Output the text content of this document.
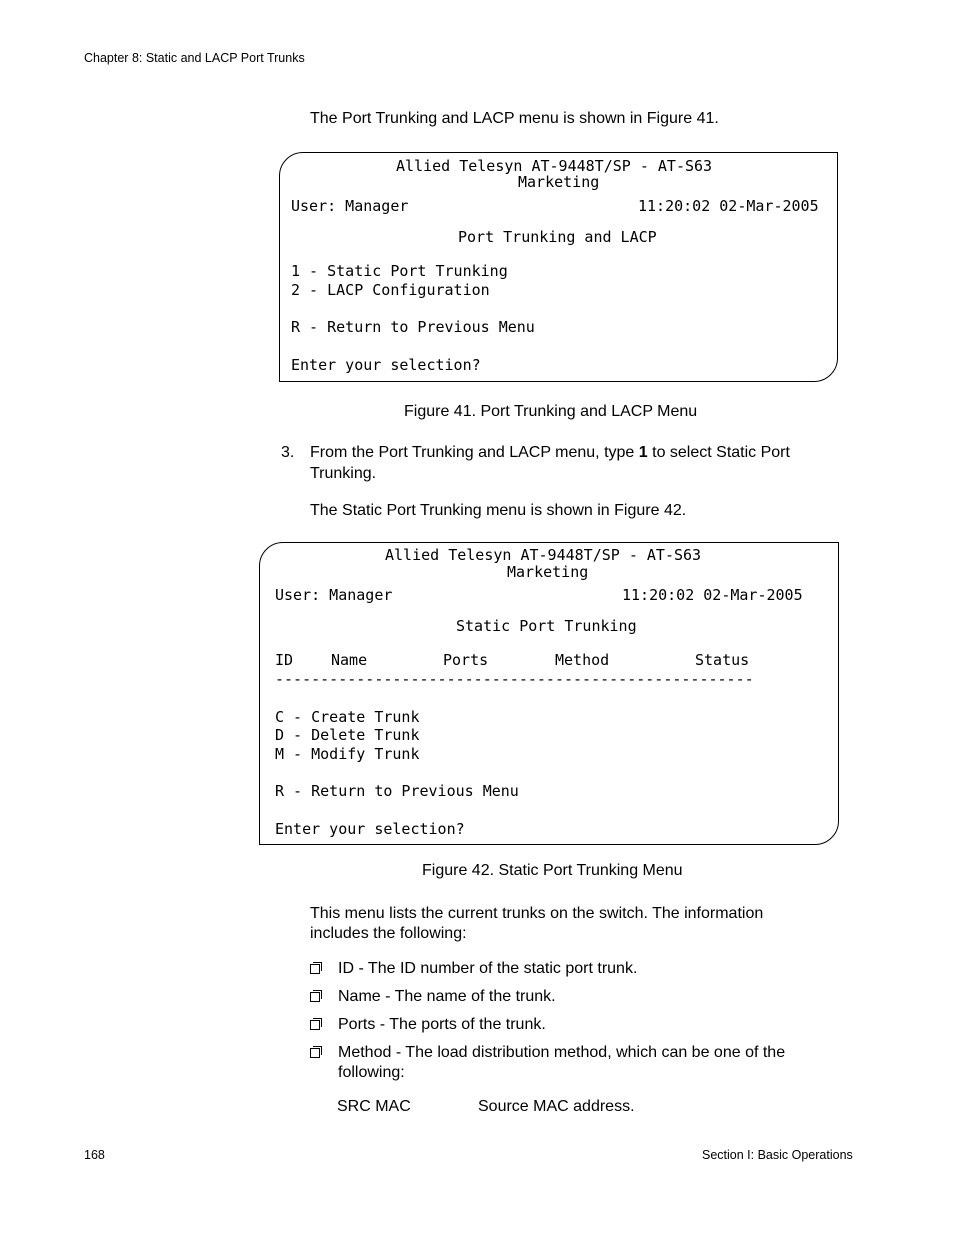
Chapter 8: Static and LACP Port Trunks
The Port Trunking and LACP menu is shown in Figure 41.
Allied Telesyn AT-9448T/SP - AT-S63
Marketing
User: Manager	11:20:02 02-Mar-2005
Port Trunking and LACP
1 - Static Port Trunking
2 - LACP Configuration
R - Return to Previous Menu
Enter your selection?
Figure 41. Port Trunking and LACP Menu
3. From the Port Trunking and LACP menu, type 1 to select Static Port
Trunking.
The Static Port Trunking menu is shown in Figure 42.
Allied Telesyn AT-9448T/SP - AT-S63
Marketing
User: Manager	11:20:02 02-Mar-2005
Static Port Trunking
ID	Name	Ports	Method	Status
-----------------------------------------------------
C - Create Trunk
D - Delete Trunk
M - Modify Trunk
R - Return to Previous Menu
Enter your selection?
Figure 42. Static Port Trunking Menu
This menu lists the current trunks on the switch. The information
includes the following:
ID - The ID number of the static port trunk.
Name - The name of the trunk.
Ports - The ports of the trunk.
Method - The load distribution method, which can be one of the
following:
SRC MAC	Source MAC address.
168	Section I: Basic Operations
